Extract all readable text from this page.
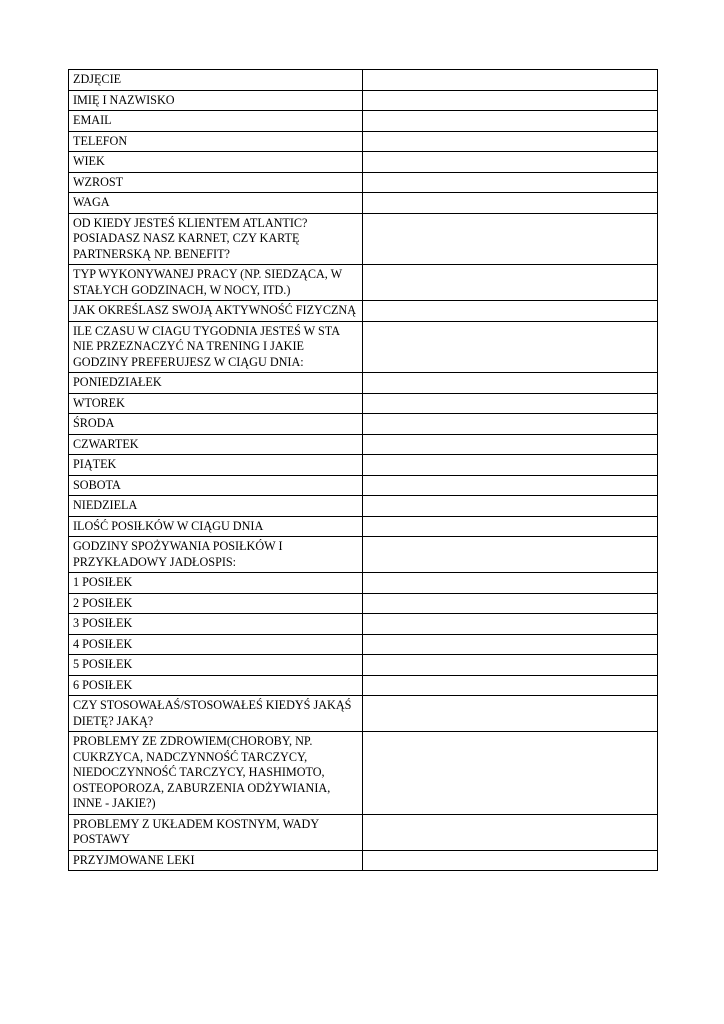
ZDJĘCIE	
IMIĘ I NAZWISKO	
EMAIL	
TELEFON	
WIEK	
WZROST	
WAGA	
OD KIEDY JESTEŚ KLIENTEM ATLANTIC? POSIADASZ NASZ KARNET, CZY KARTĘ PARTNERSKĄ NP. BENEFIT?	
TYP WYKONYWANEJ PRACY (NP. SIEDZĄCA, W STAŁYCH GODZINACH, W NOCY, ITD.)	
JAK OKREŚLASZ SWOJĄ AKTYWNOŚĆ FIZYCZNĄ	
ILE CZASU W CIAGU TYGODNIA JESTEŚ W STA NIE PRZEZNACZYĆ NA TRENING I JAKIE GODZINY PREFERUJESZ W CIĄGU DNIA:	
PONIEDZIAŁEK	
WTOREK	
ŚRODA	
CZWARTEK	
PIĄTEK	
SOBOTA	
NIEDZIELA	
ILOŚĆ POSIŁKÓW W CIĄGU DNIA	
GODZINY SPOŻYWANIA POSIŁKÓW I PRZYKŁADOWY JADŁOSPIS:	
1 POSIŁEK	
2 POSIŁEK	
3 POSIŁEK	
4 POSIŁEK	
5 POSIŁEK	
6 POSIŁEK	
CZY STOSOWAŁAŚ/STOSOWAŁEŚ KIEDYŚ JAKĄŚ DIETĘ? JAKĄ?	
PROBLEMY ZE ZDROWIEM(CHOROBY, NP. CUKRZYCA, NADCZYNNOŚĆ TARCZYCY, NIEDOCZYNNOŚĆ TARCZYCY, HASHIMOTO, OSTEOPOROZA, ZABURZENIA ODŻYWIANIA, INNE - JAKIE?)	
PROBLEMY Z UKŁADEM KOSTNYM, WADY POSTAWY	
PRZYJMOWANE LEKI	
